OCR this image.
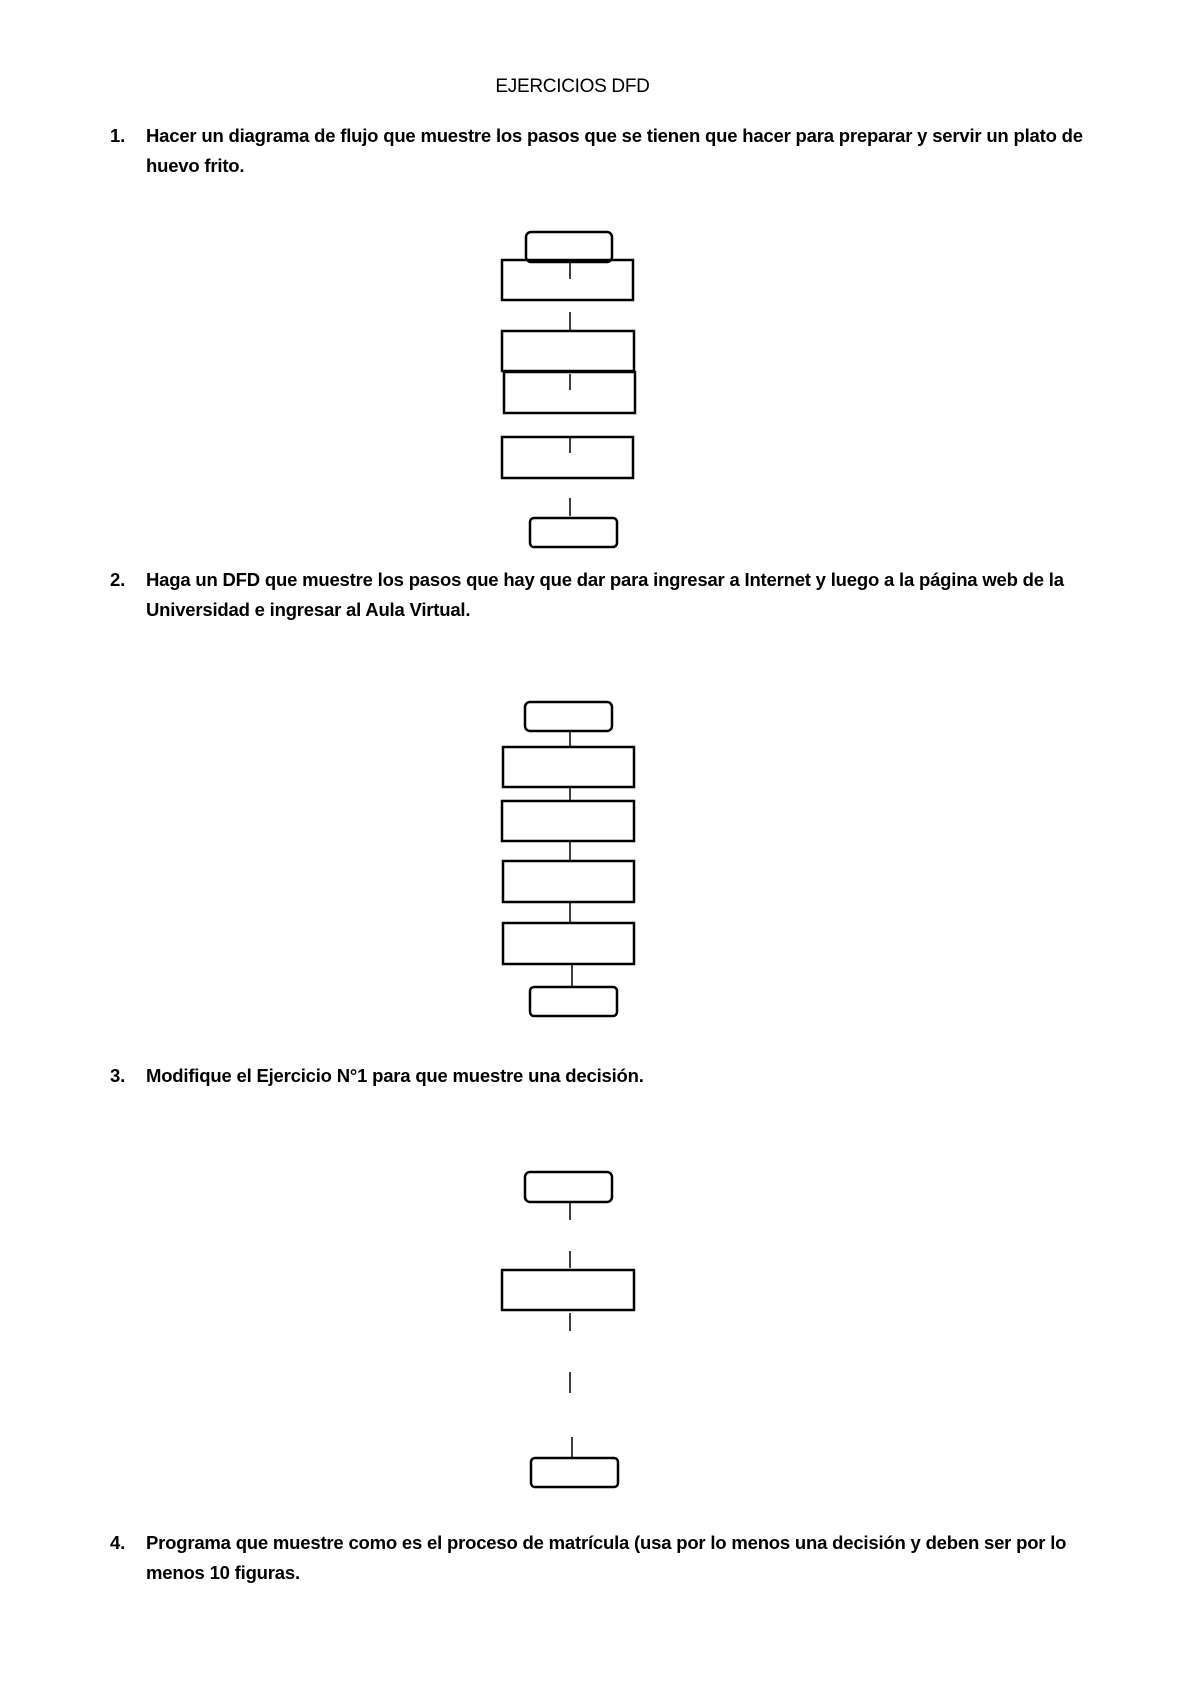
EJERCICIOS DFD
1. Hacer un diagrama de flujo que muestre los pasos que se tienen que hacer para preparar y servir un plato de huevo frito.
2. Haga un DFD que muestre los pasos que hay que dar para ingresar a Internet y luego a la página web de la Universidad e ingresar al Aula Virtual.
3. Modifique el Ejercicio N°1 para que muestre una decisión.
4. Programa que muestre como es el proceso de matrícula (usa por lo menos una decisión y deben ser por lo menos 10 figuras.
